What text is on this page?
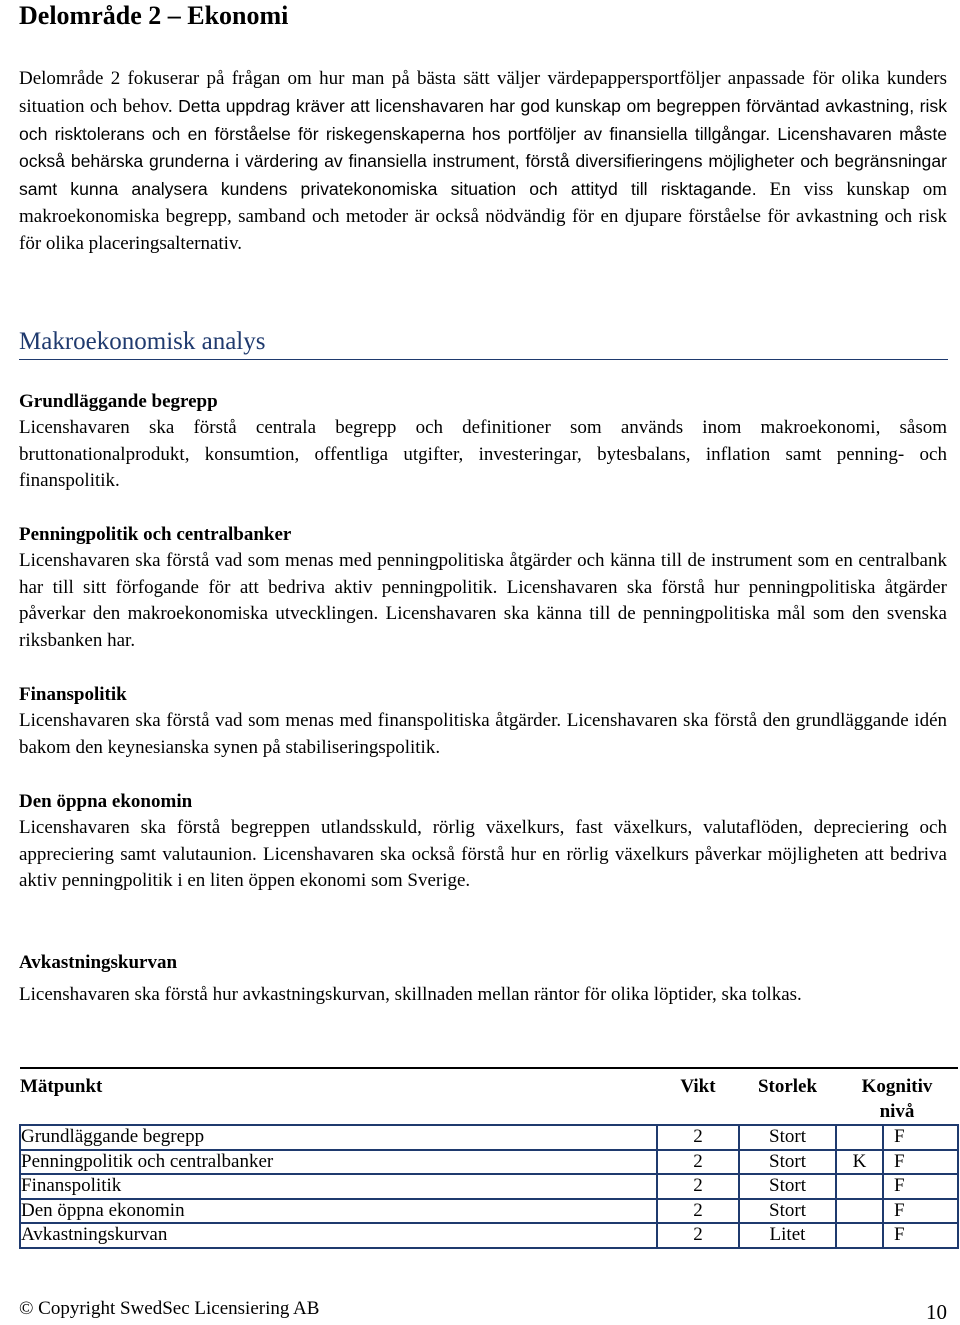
Delområde 2 – Ekonomi

Delområde 2 fokuserar på frågan om hur man på bästa sätt väljer värdepappersportföljer anpassade för olika kunders situation och behov. Detta uppdrag kräver att licenshavaren har god kunskap om begreppen förväntad avkastning, risk och risktolerans och en förståelse för riskegenskaperna hos portföljer av finansiella tillgångar. Licenshavaren måste också behärska grunderna i värdering av finansiella instrument, förstå diversifieringens möjligheter och begränsningar samt kunna analysera kundens privatekonomiska situation och attityd till risktagande. En viss kunskap om makroekonomiska begrepp, samband och metoder är också nödvändig för en djupare förståelse för avkastning och risk för olika placeringsalternativ.

Makroekonomisk analys
Grundläggande begrepp

Licenshavaren ska förstå centrala begrepp och definitioner som används inom makroekonomi, såsom bruttonationalprodukt, konsumtion, offentliga utgifter, investeringar, bytesbalans, inflation samt penning- och finanspolitik.

Penningpolitik och centralbanker

Licenshavaren ska förstå vad som menas med penningpolitiska åtgärder och känna till de instrument som en centralbank har till sitt förfogande för att bedriva aktiv penningpolitik. Licenshavaren ska förstå hur penningpolitiska åtgärder påverkar den makroekonomiska utvecklingen. Licenshavaren ska känna till de penningpolitiska mål som den svenska riksbanken har.

Finanspolitik

Licenshavaren ska förstå vad som menas med finanspolitiska åtgärder. Licenshavaren ska förstå den grundläggande idén bakom den keynesianska synen på stabiliseringspolitik.

Den öppna ekonomin

Licenshavaren ska förstå begreppen utlandsskuld, rörlig växelkurs, fast växelkurs, valutaflöden, depreciering och appreciering samt valutaunion. Licenshavaren ska också förstå hur en rörlig växelkurs påverkar möjligheten att bedriva aktiv penningpolitik i en liten öppen ekonomi som Sverige.

Avkastningskurvan

Licenshavaren ska förstå hur avkastningskurvan, skillnaden mellan räntor för olika löptider, ska tolkas.

Mätpunkt	Vikt	Storlek	Kognitiv
nivå	
Grundläggande begrepp	2	Stort		F
Penningpolitik och centralbanker	2	Stort	K	F
Finanspolitik	2	Stort		F
Den öppna ekonomin	2	Stort		F
Avkastningskurvan	2	Litet		F
© Copyright SwedSec Licensiering AB	10
